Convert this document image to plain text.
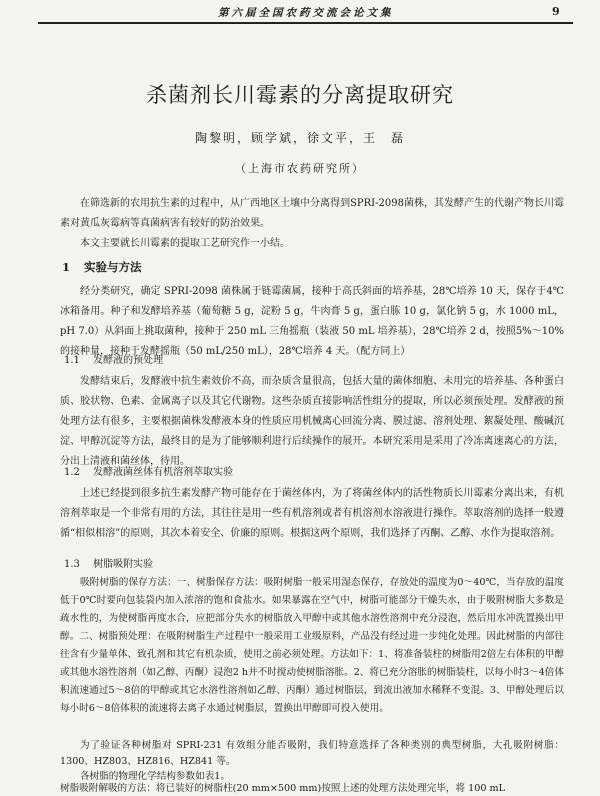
第六届全国农药交流会论文集	9
杀菌剂长川霉素的分离提取研究
陶黎明，顾学斌，徐文平，王　磊
（上海市农药研究所）

在筛选新的农用抗生素的过程中，从广西地区土壤中分离得到SPRI-2098菌株，其发酵产生的代谢产物长川霉素对黄瓜灰霉病等真菌病害有较好的防治效果。

本文主要就长川霉素的提取工艺研究作一小结。

1 实验与方法

经分类研究，确定 SPRI-2098 菌株属于链霉菌属，接种于高氏斜面的培养基，28℃培养 10 天，保存于4℃冰箱备用。种子和发酵培养基（葡萄糖 5 g，淀粉 5 g，牛肉膏 5 g，蛋白胨 10 g，氯化钠 5 g，水 1000 mL，pH 7.0）从斜面上挑取菌种，接种于 250 mL 三角摇瓶（装液 50 mL 培养基），28℃培养 2 d，按照5%～10%的接种量，接种于发酵摇瓶（50 mL/250 mL），28℃培养 4 天。（配方同上）

1.1 发酵液的预处理

发酵结束后，发酵液中抗生素效价不高，而杂质含量很高，包括大量的菌体细胞、未用完的培养基、各种蛋白质、胶状物、色素、金属离子以及其它代谢物。这些杂质直接影响活性组分的提取，所以必须预处理。发酵液的预处理方法有很多，主要根据菌株发酵液本身的性质应用机械离心回流分离、膜过滤、溶剂处理、絮凝处理、酸碱沉淀、甲醇沉淀等方法，最终目的是为了能够顺利进行后续操作的展开。本研究采用是采用了冷冻离速离心的方法，分出上清液和菌丝体，待用。

1.2 发酵液菌丝体有机溶剂萃取实验

上述已经提到很多抗生素发酵产物可能存在于菌丝体内，为了将菌丝体内的活性物质长川霉素分离出来，有机溶剂萃取是一个非常有用的方法，其往往是用一些有机溶剂或者有机溶剂水溶液进行操作。萃取溶剂的选择一般遵循“相似相溶”的原则，其次本着安全、价廉的原则。根据这两个原则，我们选择了丙酮、乙醇、水作为提取溶剂。

1.3 树脂吸附实验

吸附树脂的保存方法：一、树脂保存方法：吸附树脂一般采用湿态保存，存放处的温度为0～40℃，当存放的温度低于0℃时要向包装袋内加入浓溶的饱和食盐水。如果暴露在空气中，树脂可能部分干燥失水，由于吸附树脂大多数是疏水性的，为使树脂再度水合，应把部分失水的树脂放入甲醇中或其他水溶性溶剂中充分浸泡，然后用水冲洗置换出甲醇。二、树脂预处理：在吸附树脂生产过程中一般采用工业级原料，产品没有经过进一步纯化处理。因此树脂的内部往往含有少量单体、致孔剂和其它有机杂质，使用之前必须处理。方法如下：1、将准备装柱的树脂用2倍左右体积的甲醇或其他水溶性溶剂（如乙醇、丙酮）浸泡2 h并不时搅动使树脂溶胀。2、将已充分溶胀的树脂装柱，以每小时3～4倍体积流速通过5～8倍的甲醇或其它水溶性溶剂如乙醇、丙酮）通过树脂层，到流出液加水稀释不变混。3、甲醇处理后以每小时6～8倍体积的流速将去离子水通过树脂层，置换出甲醇即可投入使用。

为了验证各种树脂对 SPRI-231 有效组分能否吸附，我们特意选择了各种类别的典型树脂，大孔吸附树脂：1300、HZ803、HZ816、HZ841 等。

各树脂的物理化学结构参数如表1。

树脂吸附解吸的方法：将已装好的树脂柱(20 mm×500 mm)按照上述的处理方法处理完毕，将 100 mL
